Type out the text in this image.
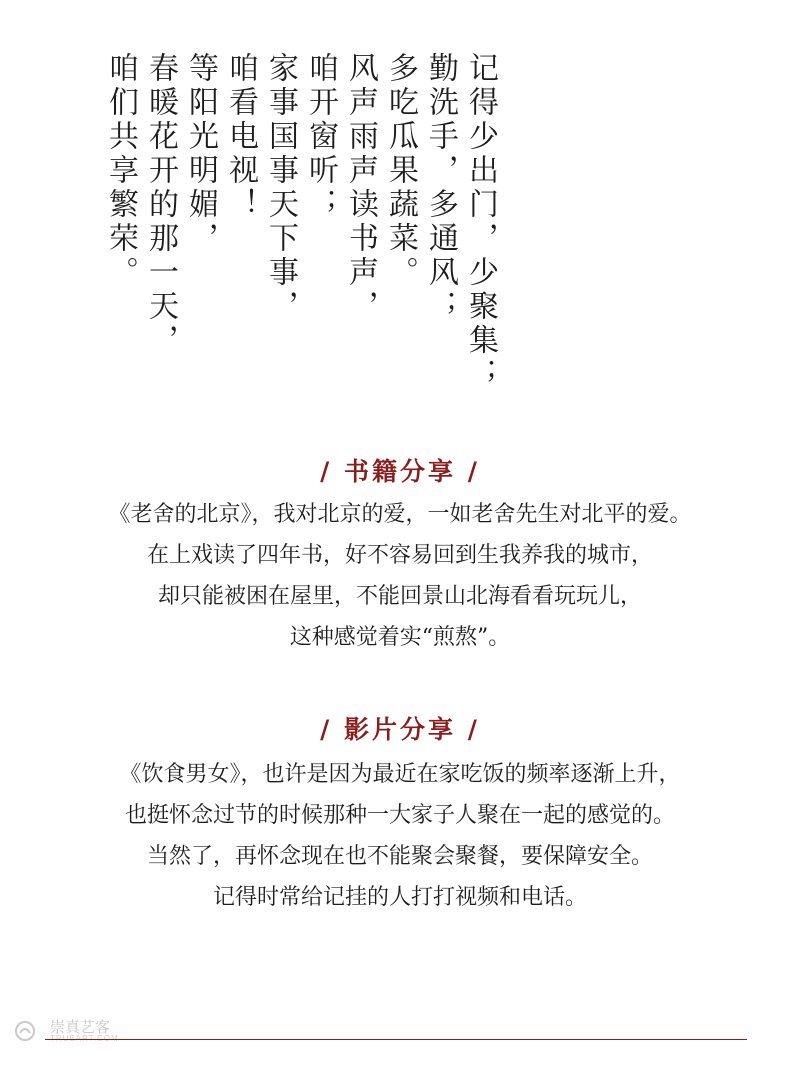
记得少出门，少聚集；
勤洗手，多通风；
多吃瓜果蔬菜。
风声雨声读书声，
咱开窗听；
家事国事天下事，
咱看电视！
等阳光明媚，
春暖花开的那一天，
咱们共享繁荣。
/ 书籍分享 /
《老舍的北京》，我对北京的爱，一如老舍先生对北平的爱。
在上戏读了四年书，好不容易回到生我养我的城市，
却只能被困在屋里，不能回景山北海看看玩玩儿，
这种感觉着实“煎熬”。
/ 影片分享 /
《饮食男女》，也许是因为最近在家吃饭的频率逐渐上升，
也挺怀念过节的时候那种一大家子人聚在一起的感觉的。
当然了，再怀念现在也不能聚会聚餐，要保障安全。
记得时常给记挂的人打打视频和电话。
崇真艺客
